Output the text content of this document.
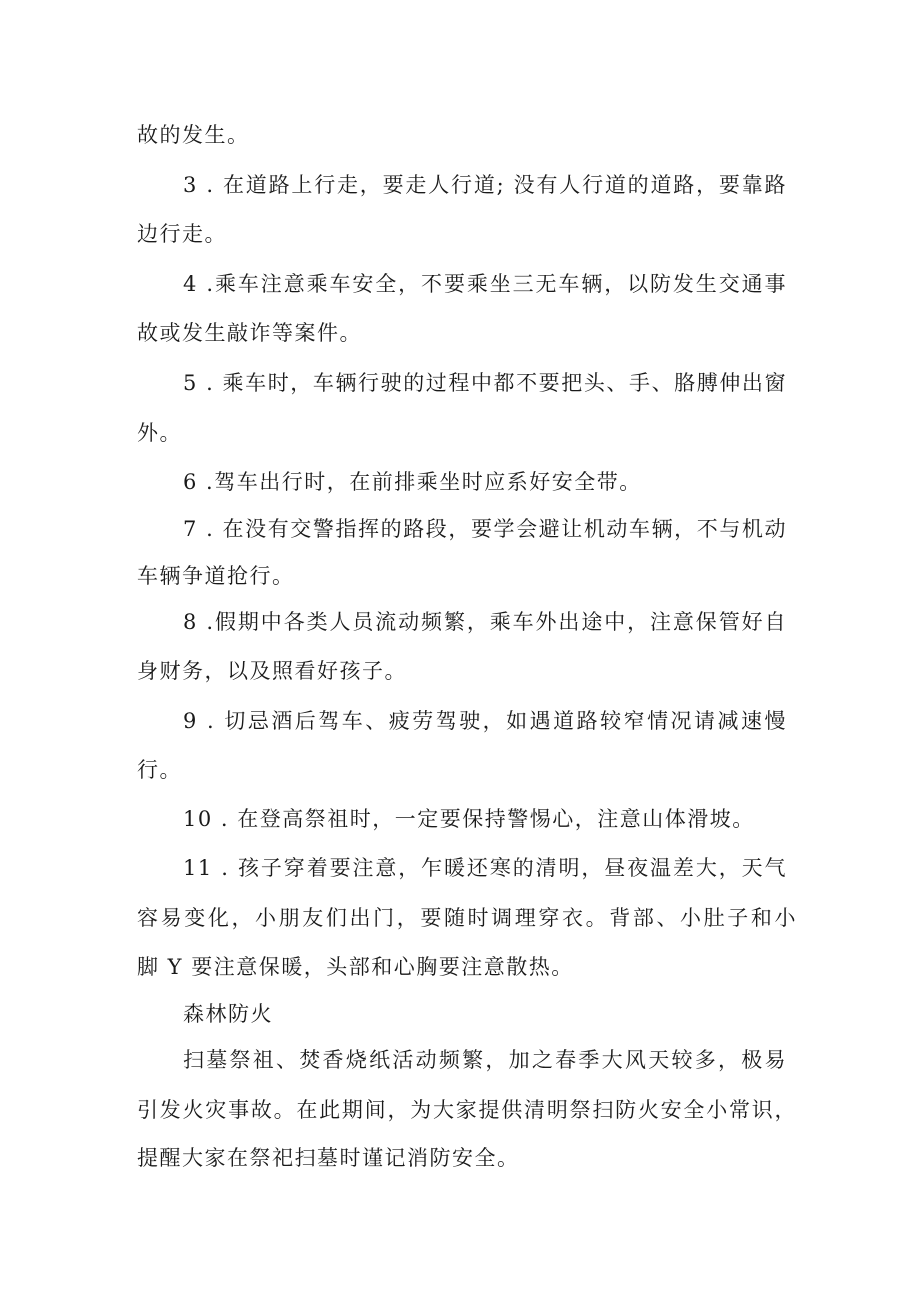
故的发生。
3 . 在道路上行走，要走人行道; 没有人行道的道路，要靠路
边行走。
4 .乘车注意乘车安全，不要乘坐三无车辆，以防发生交通事
故或发生敲诈等案件。
5 . 乘车时，车辆行驶的过程中都不要把头、手、胳膊伸出窗
外。
6 .驾车出行时，在前排乘坐时应系好安全带。
7 . 在没有交警指挥的路段，要学会避让机动车辆，不与机动
车辆争道抢行。
8 .假期中各类人员流动频繁，乘车外出途中，注意保管好自
身财务，以及照看好孩子。
9 . 切忌酒后驾车、疲劳驾驶，如遇道路较窄情况请减速慢
行。
10 . 在登高祭祖时，一定要保持警惕心，注意山体滑坡。
11 . 孩子穿着要注意，乍暖还寒的清明，昼夜温差大，天气
容易变化，小朋友们出门，要随时调理穿衣。背部、小肚子和小
脚 Y 要注意保暖，头部和心胸要注意散热。
森林防火
扫墓祭祖、焚香烧纸活动频繁，加之春季大风天较多，极易
引发火灾事故。在此期间，为大家提供清明祭扫防火安全小常识，
提醒大家在祭祀扫墓时谨记消防安全。
